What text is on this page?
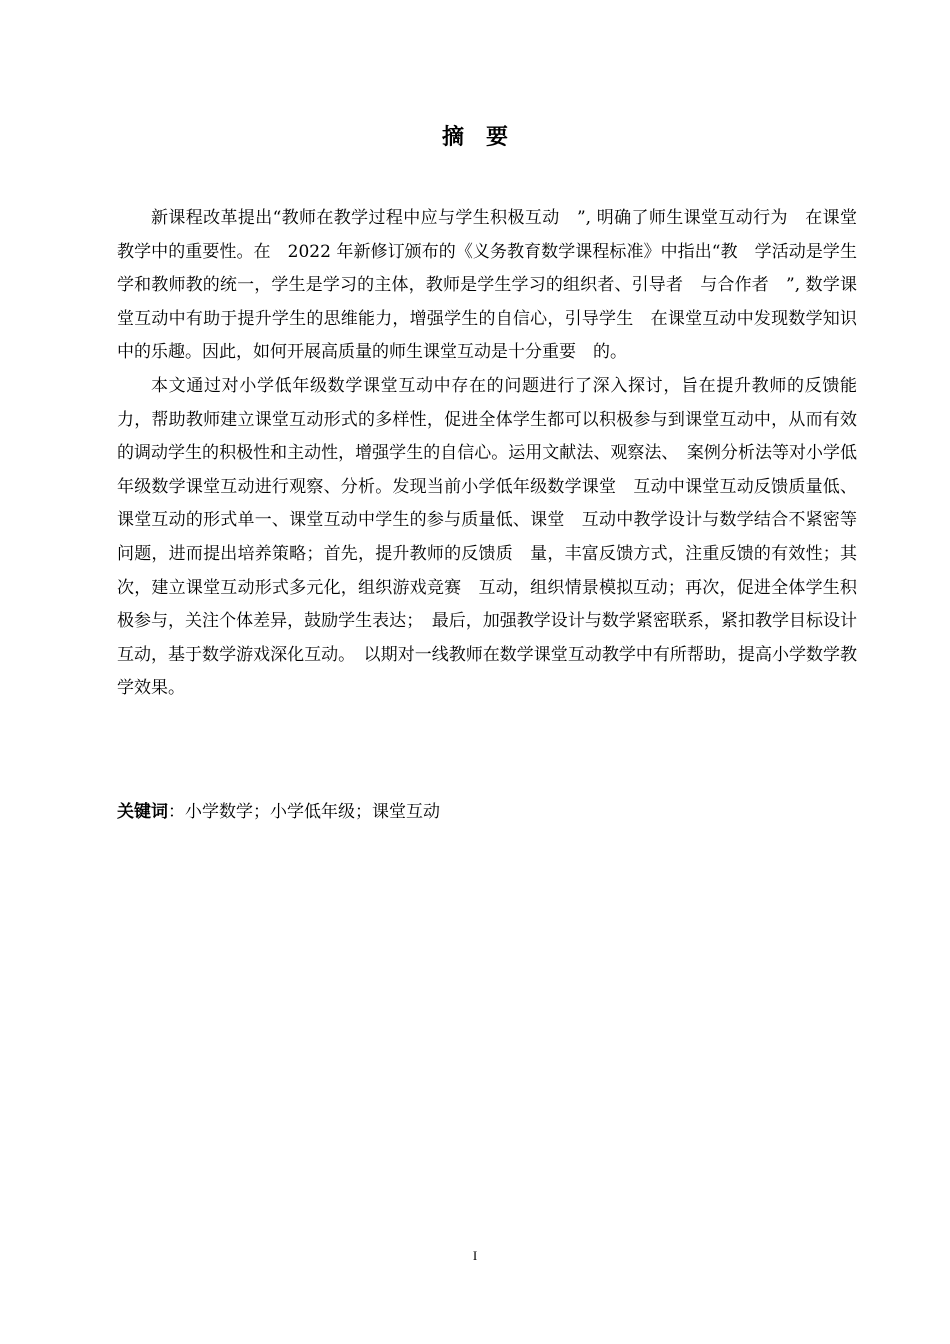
摘要

新课程改革提出“教师在教学过程中应与学生积极互动　”, 明确了师生课堂互动行为　在课堂教学中的重要性。在　2022 年新修订颁布的《义务教育数学课程标准》中指出“教　学活动是学生学和教师教的统一，学生是学习的主体，教师是学生学习的组织者、引导者　与合作者　”, 数学课堂互动中有助于提升学生的思维能力，增强学生的自信心，引导学生　在课堂互动中发现数学知识中的乐趣。因此，如何开展高质量的师生课堂互动是十分重要　的。

本文通过对小学低年级数学课堂互动中存在的问题进行了深入探讨，旨在提升教师的反馈能力，帮助教师建立课堂互动形式的多样性，促进全体学生都可以积极参与到课堂互动中，从而有效的调动学生的积极性和主动性，增强学生的自信心。运用文献法、观察法、　案例分析法等对小学低年级数学课堂互动进行观察、分析。发现当前小学低年级数学课堂　互动中课堂互动反馈质量低、课堂互动的形式单一、课堂互动中学生的参与质量低、课堂　互动中教学设计与数学结合不紧密等问题，进而提出培养策略；首先，提升教师的反馈质　量，丰富反馈方式，注重反馈的有效性；其次，建立课堂互动形式多元化，组织游戏竞赛　互动，组织情景模拟互动；再次，促进全体学生积极参与，关注个体差异，鼓励学生表达；　最后，加强教学设计与数学紧密联系，紧扣教学目标设计互动，基于数学游戏深化互动。　以期对一线教师在数学课堂互动教学中有所帮助，提高小学数学教学效果。

关键词：小学数学；小学低年级；课堂互动
I
